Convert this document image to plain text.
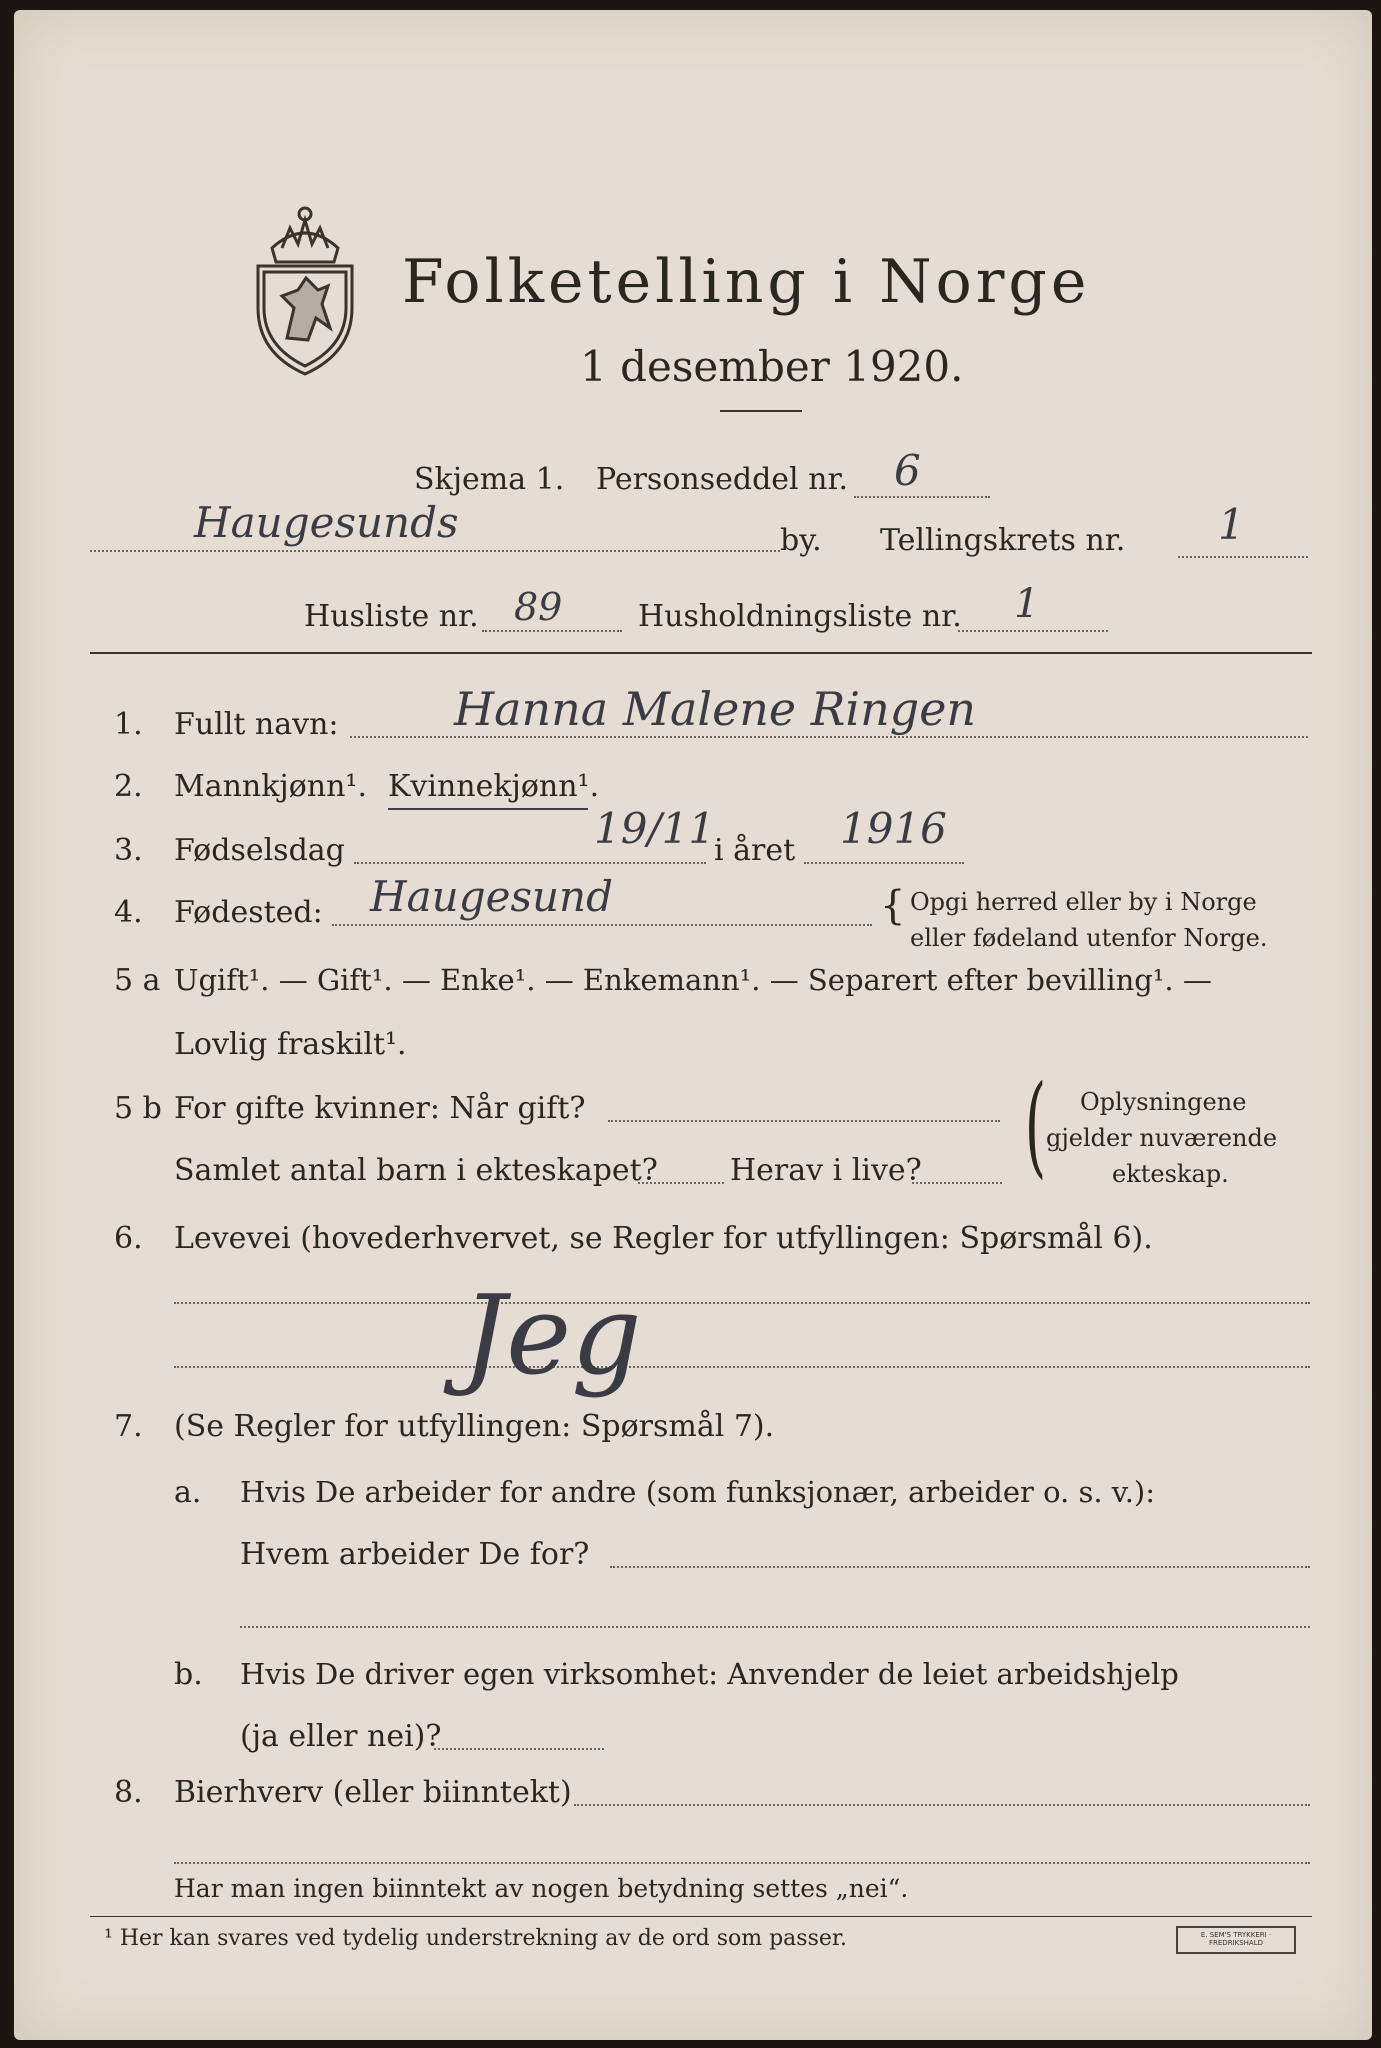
Folketelling i Norge
1 desember 1920.
Skjema 1. Personseddel nr. 6
Haugesunds	by. Tellingskrets nr. 1
Husliste nr. 89	Husholdningsliste nr. 1
1. Fullt navn:	Hanna Malene Ringen
2. Mannkjønn¹. Kvinnekjønn¹.
3. Fødselsdag	19/11
i året 1916
4. Fødested: Haugesund	{ Opgi herred eller by i Norge
eller fødeland utenfor Norge.
5 a Ugift¹. — Gift¹. — Enke¹. — Enkemann¹. — Separert efter bevilling¹. —
Lovlig fraskilt¹.
5 b For gifte kvinner: Når gift?
Samlet antal barn i ekteskapet? Herav i live? ( Oplysningene
gjelder nuværende
ekteskap.
6. Levevei (hovederhvervet, se Regler for utfyllingen: Spørsmål 6).
Jeg
7. (Se Regler for utfyllingen: Spørsmål 7).
a. Hvis De arbeider for andre (som funksjonær, arbeider o. s. v.):
Hvem arbeider De for?
b. Hvis De driver egen virksomhet: Anvender de leiet arbeidshjelp
(ja eller nei)?
8. Bierhverv (eller biinntekt)
Har man ingen biinntekt av nogen betydning settes „nei“.
¹ Her kan svares ved tydelig understrekning av de ord som passer.	E. SEM'S TRYKKERI · FREDRIKSHALD
